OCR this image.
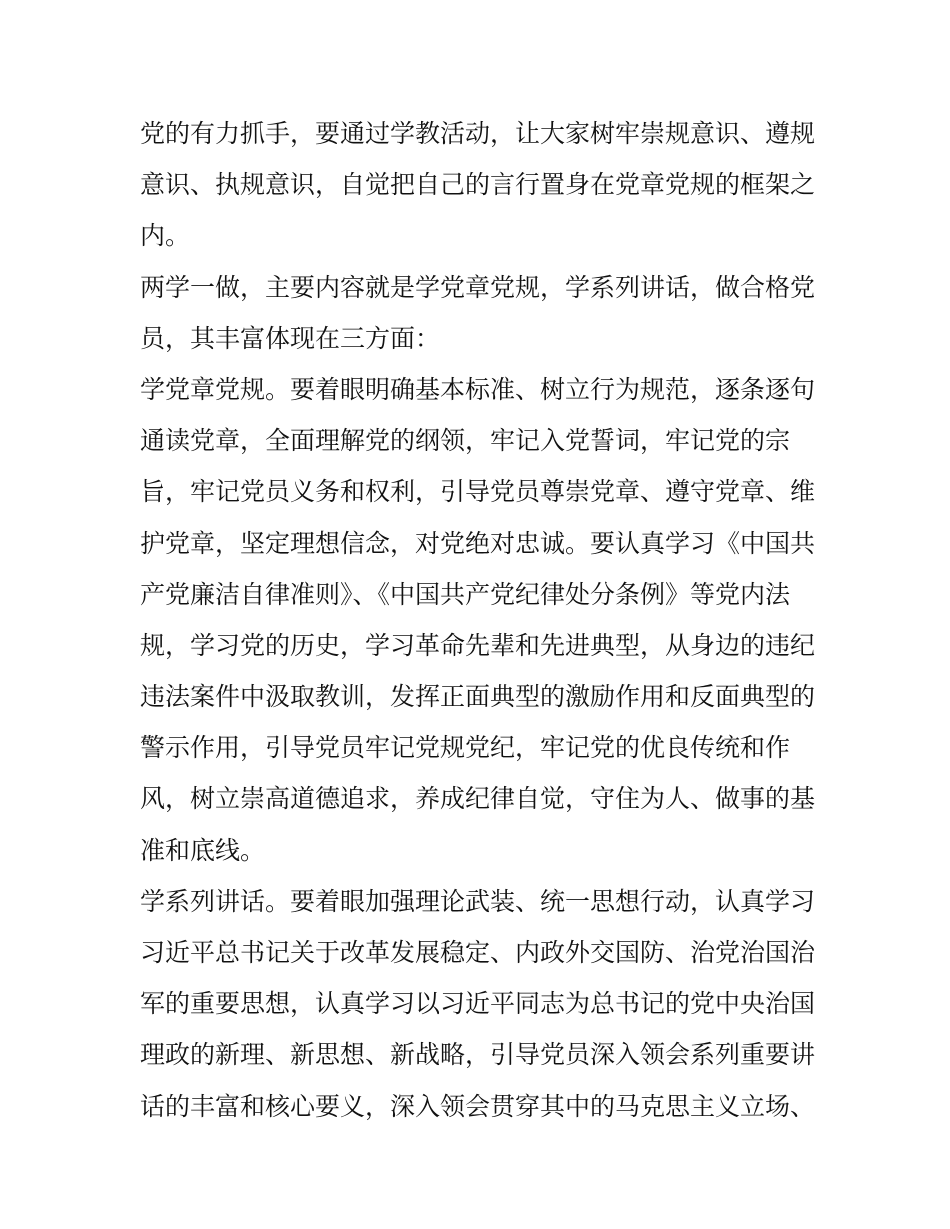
党的有力抓手，要通过学教活动，让大家树牢崇规意识、遵规
意识、执规意识，自觉把自己的言行置身在党章党规的框架之
内。
两学一做，主要内容就是学党章党规，学系列讲话，做合格党
员，其丰富体现在三方面：
学党章党规。要着眼明确基本标准、树立行为规范，逐条逐句
通读党章，全面理解党的纲领，牢记入党誓词，牢记党的宗
旨，牢记党员义务和权利，引导党员尊崇党章、遵守党章、维
护党章，坚定理想信念，对党绝对忠诚。要认真学习《中国共
产党廉洁自律准则》、《中国共产党纪律处分条例》等党内法
规，学习党的历史，学习革命先辈和先进典型，从身边的违纪
违法案件中汲取教训，发挥正面典型的激励作用和反面典型的
警示作用，引导党员牢记党规党纪，牢记党的优良传统和作
风，树立崇高道德追求，养成纪律自觉，守住为人、做事的基
准和底线。
学系列讲话。要着眼加强理论武装、统一思想行动，认真学习
习近平总书记关于改革发展稳定、内政外交国防、治党治国治
军的重要思想，认真学习以习近平同志为总书记的党中央治国
理政的新理、新思想、新战略，引导党员深入领会系列重要讲
话的丰富和核心要义，深入领会贯穿其中的马克思主义立场、
